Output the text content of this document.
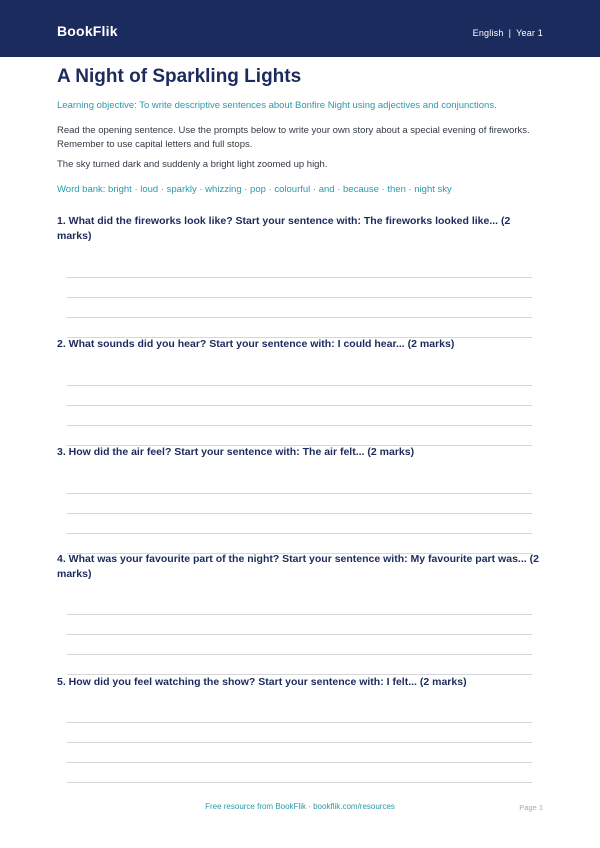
BookFlik	English | Year 1
A Night of Sparkling Lights
Learning objective: To write descriptive sentences about Bonfire Night using adjectives and conjunctions.
Read the opening sentence. Use the prompts below to write your own story about a special evening of fireworks. Remember to use capital letters and full stops.
The sky turned dark and suddenly a bright light zoomed up high.
Word bank: bright · loud · sparkly · whizzing · pop · colourful · and · because · then · night sky
1. What did the fireworks look like? Start your sentence with: The fireworks looked like... (2 marks)
2. What sounds did you hear? Start your sentence with: I could hear... (2 marks)
3. How did the air feel? Start your sentence with: The air felt... (2 marks)
4. What was your favourite part of the night? Start your sentence with: My favourite part was... (2 marks)
5. How did you feel watching the show? Start your sentence with: I felt... (2 marks)
Free resource from BookFlik · bookflik.com/resources	Page 1
